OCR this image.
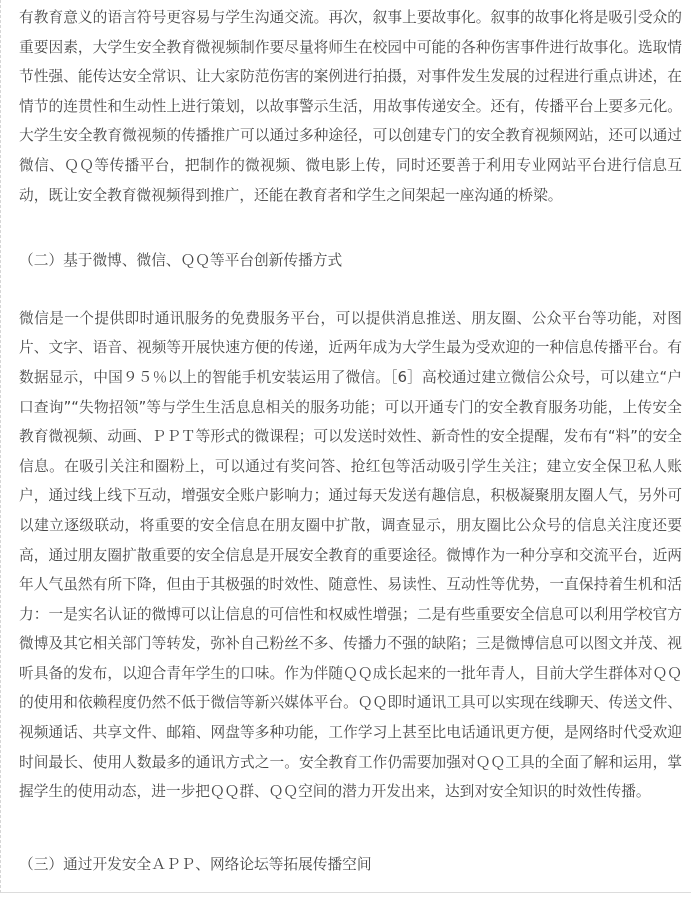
有教育意义的语言符号更容易与学生沟通交流。再次，叙事上要故事化。叙事的故事化将是吸引受众的重要因素，大学生安全教育微视频制作要尽量将师生在校园中可能的各种伤害事件进行故事化。选取情节性强、能传达安全常识、让大家防范伤害的案例进行拍摄，对事件发生发展的过程进行重点讲述，在情节的连贯性和生动性上进行策划，以故事警示生活，用故事传递安全。还有，传播平台上要多元化。大学生安全教育微视频的传播推广可以通过多种途径，可以创建专门的安全教育视频网站，还可以通过微信、ＱＱ等传播平台，把制作的微视频、微电影上传，同时还要善于利用专业网站平台进行信息互动，既让安全教育微视频得到推广，还能在教育者和学生之间架起一座沟通的桥梁。

（二）基于微博、微信、ＱＱ等平台创新传播方式

微信是一个提供即时通讯服务的免费服务平台，可以提供消息推送、朋友圈、公众平台等功能，对图片、文字、语音、视频等开展快速方便的传递，近两年成为大学生最为受欢迎的一种信息传播平台。有数据显示，中国９５％以上的智能手机安装运用了微信。［6］高校通过建立微信公众号，可以建立“户口查询”“失物招领”等与学生生活息息相关的服务功能；可以开通专门的安全教育服务功能，上传安全教育微视频、动画、ＰＰＴ等形式的微课程；可以发送时效性、新奇性的安全提醒，发布有“料”的安全信息。在吸引关注和圈粉上，可以通过有奖问答、抢红包等活动吸引学生关注；建立安全保卫私人账户，通过线上线下互动，增强安全账户影响力；通过每天发送有趣信息，积极凝聚朋友圈人气，另外可以建立逐级联动，将重要的安全信息在朋友圈中扩散，调查显示，朋友圈比公众号的信息关注度还要高，通过朋友圈扩散重要的安全信息是开展安全教育的重要途径。微博作为一种分享和交流平台，近两年人气虽然有所下降，但由于其极强的时效性、随意性、易读性、互动性等优势，一直保持着生机和活力：一是实名认证的微博可以让信息的可信性和权威性增强；二是有些重要安全信息可以利用学校官方微博及其它相关部门等转发，弥补自己粉丝不多、传播力不强的缺陷；三是微博信息可以图文并茂、视听具备的发布，以迎合青年学生的口味。作为伴随ＱＱ成长起来的一批年青人，目前大学生群体对ＱＱ的使用和依赖程度仍然不低于微信等新兴媒体平台。ＱＱ即时通讯工具可以实现在线聊天、传送文件、视频通话、共享文件、邮箱、网盘等多种功能，工作学习上甚至比电话通讯更方便，是网络时代受欢迎时间最长、使用人数最多的通讯方式之一。安全教育工作仍需要加强对ＱＱ工具的全面了解和运用，掌握学生的使用动态，进一步把ＱＱ群、ＱＱ空间的潜力开发出来，达到对安全知识的时效性传播。

（三）通过开发安全ＡＰＰ、网络论坛等拓展传播空间
